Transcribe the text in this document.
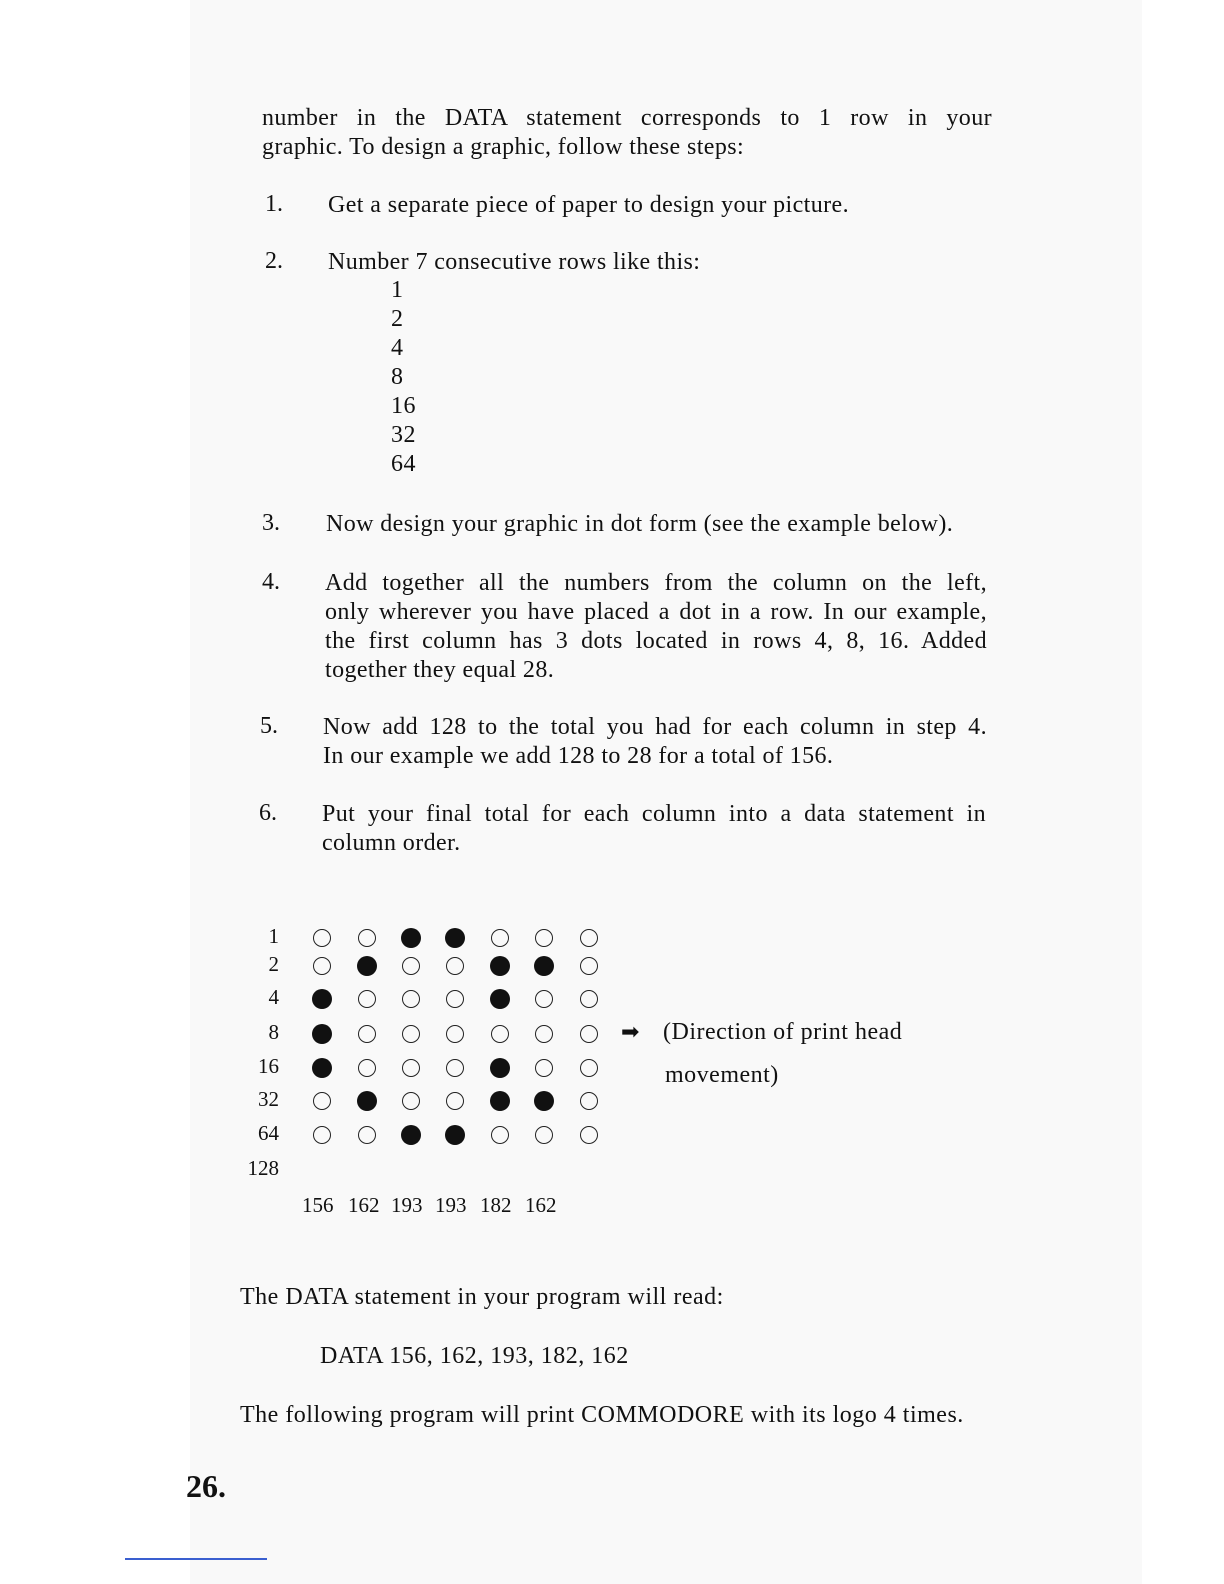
number in the DATA statement corresponds to 1 row in your
graphic. To design a graphic, follow these steps:
1. Get a separate piece of paper to design your picture.
2. Number 7 consecutive rows like this:
1
2
4
8
16
32
64
3. Now design your graphic in dot form (see the example below).
4. Add together all the numbers from the column on the left,
only wherever you have placed a dot in a row. In our example,
the first column has 3 dots located in rows 4, 8, 16. Added
together they equal 28.
5. Now add 128 to the total you had for each column in step 4.
In our example we add 128 to 28 for a total of 156.
6. Put your final total for each column into a data statement in
column order.
1
2
4
8
16
32
64
128
156 162 193 193 182 162
➡ (Direction of print head
movement)
The DATA statement in your program will read:
DATA 156, 162, 193, 182, 162
The following program will print COMMODORE with its logo 4 times.
26.
